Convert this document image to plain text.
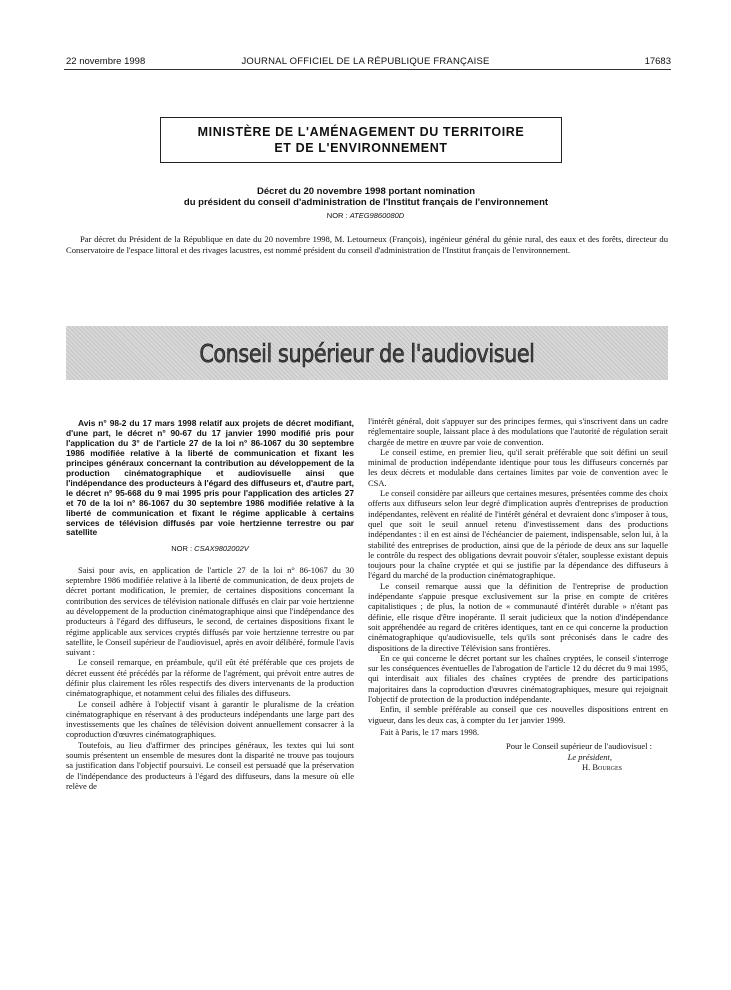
22 novembre 1998	JOURNAL OFFICIEL DE LA RÉPUBLIQUE FRANÇAISE	17683
MINISTÈRE DE L'AMÉNAGEMENT DU TERRITOIRE
ET DE L'ENVIRONNEMENT
Décret du 20 novembre 1998 portant nomination
du président du conseil d'administration de l'Institut français de l'environnement
NOR : ATEG9860080D

Par décret du Président de la République en date du 20 novembre 1998, M. Letourneux (François), ingénieur général du génie rural, des eaux et des forêts, directeur du Conservatoire de l'espace littoral et des rivages lacustres, est nommé président du conseil d'administration de l'Institut français de l'environnement.

Conseil supérieur de l'audiovisuel

Avis n° 98-2 du 17 mars 1998 relatif aux projets de décret modifiant, d'une part, le décret n° 90-67 du 17 janvier 1990 modifié pris pour l'application du 3° de l'article 27 de la loi n° 86-1067 du 30 septembre 1986 modifiée relative à la liberté de communication et fixant les principes généraux concernant la contribution au développement de la production cinématographique et audiovisuelle ainsi que l'indépendance des producteurs à l'égard des diffuseurs et, d'autre part, le décret n° 95-668 du 9 mai 1995 pris pour l'application des articles 27 et 70 de la loi n° 86-1067 du 30 septembre 1986 modifiée relative à la liberté de communication et fixant le régime applicable à certains services de télévision diffusés par voie hertzienne terrestre ou par satellite

NOR : CSAX9802002V

Saisi pour avis, en application de l'article 27 de la loi n° 86-1067 du 30 septembre 1986 modifiée relative à la liberté de communication, de deux projets de décret portant modification, le premier, de certaines dispositions concernant la contribution des services de télévision nationale diffusés en clair par voie hertzienne au développement de la production cinématographique ainsi que l'indépendance des producteurs à l'égard des diffuseurs, le second, de certaines dispositions fixant le régime applicable aux services cryptés diffusés par voie hertzienne terrestre ou par satellite, le Conseil supérieur de l'audiovisuel, après en avoir délibéré, formule l'avis suivant :

Le conseil remarque, en préambule, qu'il eût été préférable que ces projets de décret eussent été précédés par la réforme de l'agrément, qui prévoit entre autres de définir plus clairement les rôles respectifs des divers intervenants de la production cinématographique, et notamment celui des filiales des diffuseurs.

Le conseil adhère à l'objectif visant à garantir le pluralisme de la création cinématographique en réservant à des producteurs indépendants une large part des investissements que les chaînes de télévision doivent annuellement consacrer à la coproduction d'œuvres cinématographiques.

Toutefois, au lieu d'affirmer des principes généraux, les textes qui lui sont soumis présentent un ensemble de mesures dont la disparité ne trouve pas toujours sa justification dans l'objectif poursuivi. Le conseil est persuadé que la préservation de l'indépendance des producteurs à l'égard des diffuseurs, dans la mesure où elle relève de

l'intérêt général, doit s'appuyer sur des principes fermes, qui s'inscrivent dans un cadre réglementaire souple, laissant place à des modulations que l'autorité de régulation serait chargée de mettre en œuvre par voie de convention.

Le conseil estime, en premier lieu, qu'il serait préférable que soit défini un seuil minimal de production indépendante identique pour tous les diffuseurs concernés par les deux décrets et modulable dans certaines limites par voie de convention avec le CSA.

Le conseil considère par ailleurs que certaines mesures, présentées comme des choix offerts aux diffuseurs selon leur degré d'implication auprès d'entreprises de production indépendantes, relèvent en réalité de l'intérêt général et devraient donc s'imposer à tous, quel que soit le seuil annuel retenu d'investissement dans des productions indépendantes : il en est ainsi de l'échéancier de paiement, indispensable, selon lui, à la stabilité des entreprises de production, ainsi que de la période de deux ans sur laquelle le contrôle du respect des obligations devrait pouvoir s'étaler, souplesse existant depuis toujours pour la chaîne cryptée et qui se justifie par la dépendance des diffuseurs à l'égard du marché de la production cinématographique.

Le conseil remarque aussi que la définition de l'entreprise de production indépendante s'appuie presque exclusivement sur la prise en compte de critères capitalistiques ; de plus, la notion de « communauté d'intérêt durable » n'étant pas définie, elle risque d'être inopérante. Il serait judicieux que la notion d'indépendance soit appréhendée au regard de critères identiques, tant en ce qui concerne la production cinématographique qu'audiovisuelle, tels qu'ils sont préconisés dans le cadre des dispositions de la directive Télévision sans frontières.

En ce qui concerne le décret portant sur les chaînes cryptées, le conseil s'interroge sur les conséquences éventuelles de l'abrogation de l'article 12 du décret du 9 mai 1995, qui interdisait aux filiales des chaînes cryptées de prendre des participations majoritaires dans la coproduction d'œuvres cinématographiques, mesure qui rejoignait l'objectif de protection de la production indépendante.

Enfin, il semble préférable au conseil que ces nouvelles dispositions entrent en vigueur, dans les deux cas, à compter du 1er janvier 1999.

Fait à Paris, le 17 mars 1998.

Pour le Conseil supérieur de l'audiovisuel :

Le président,

H. Bourges
